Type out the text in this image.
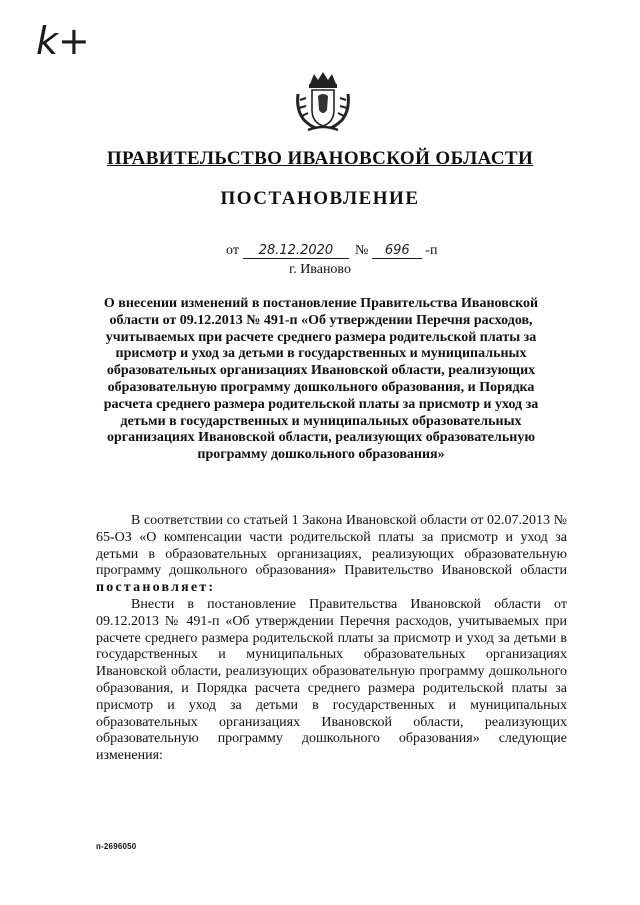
k+
ПРАВИТЕЛЬСТВО ИВАНОВСКОЙ ОБЛАСТИ
ПОСТАНОВЛЕНИЕ
от 28.12.2020 № 696 -п
г. Иваново
О внесении изменений в постановление Правительства Ивановской области от 09.12.2013 № 491-п «Об утверждении Перечня расходов, учитываемых при расчете среднего размера родительской платы за присмотр и уход за детьми в государственных и муниципальных образовательных организациях Ивановской области, реализующих образовательную программу дошкольного образования, и Порядка расчета среднего размера родительской платы за присмотр и уход за детьми в государственных и муниципальных образовательных организациях Ивановской области, реализующих образовательную программу дошкольного образования»

В соответствии со статьей 1 Закона Ивановской области от 02.07.2013 № 65-ОЗ «О компенсации части родительской платы за присмотр и уход за детьми в образовательных организациях, реализующих образовательную программу дошкольного образования» Правительство Ивановской области постановляет:

Внести в постановление Правительства Ивановской области от 09.12.2013 № 491-п «Об утверждении Перечня расходов, учитываемых при расчете среднего размера родительской платы за присмотр и уход за детьми в государственных и муниципальных образовательных организациях Ивановской области, реализующих образовательную программу дошкольного образования, и Порядка расчета среднего размера родительской платы за присмотр и уход за детьми в государственных и муниципальных образовательных организациях Ивановской области, реализующих образовательную программу дошкольного образования» следующие изменения:

п-2696050
